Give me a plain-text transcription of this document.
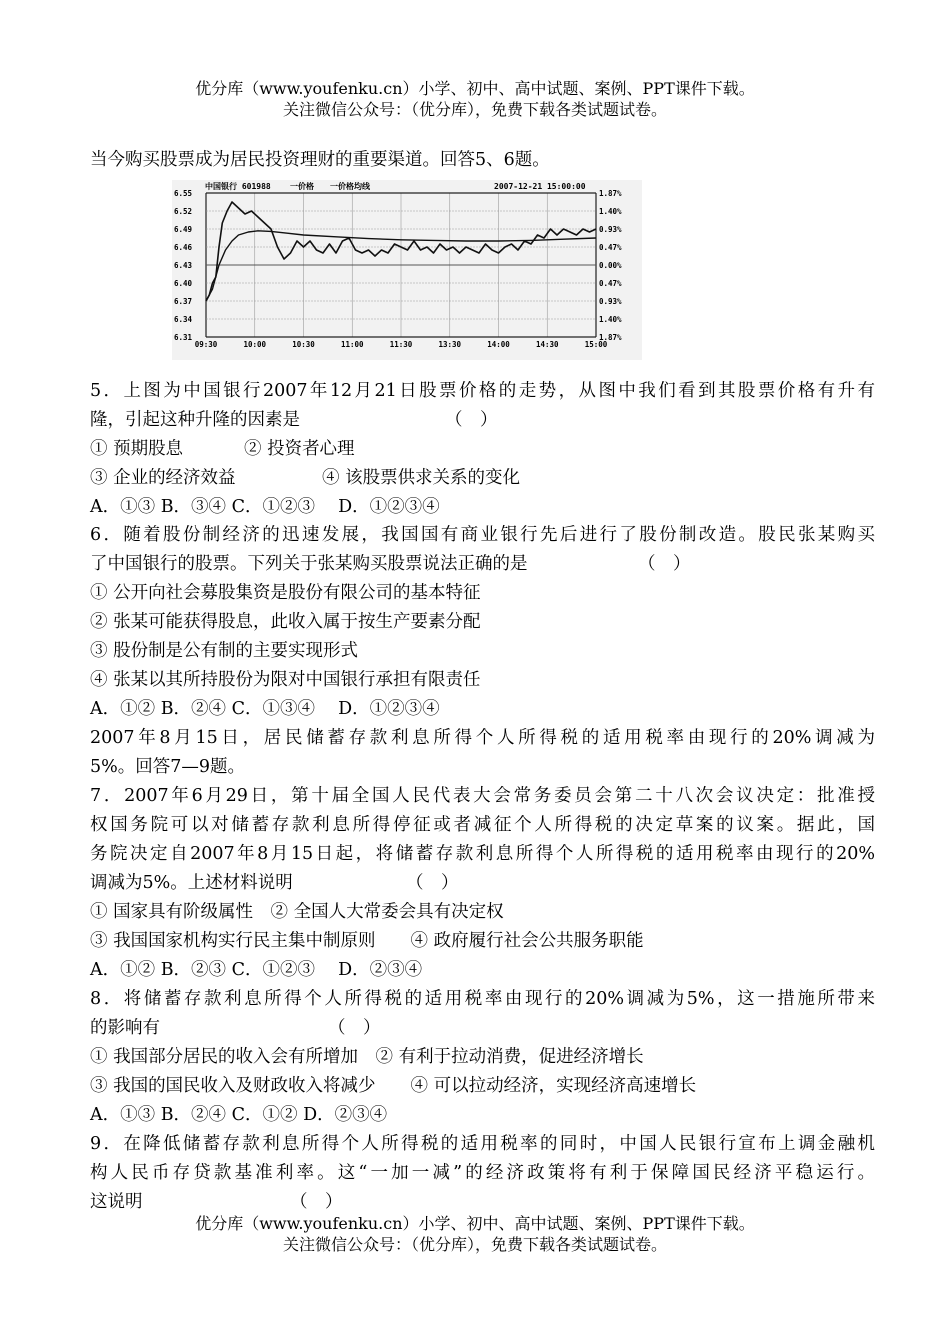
优分库（www.youfenku.cn）小学、初中、高中试题、案例、PPT课件下载。
关注微信公众号：（优分库），免费下载各类试题试卷。
当今购买股票成为居民投资理财的重要渠道。回答5、6题。
6.55
6.52
6.49
6.46
6.43
6.40
6.37
6.34
6.31
1.87%
1.40%
0.93%
0.47%
0.00%
0.47%
0.93%
1.40%
1.87%
09:30	10:00	10:30	11:00	11:30	13:30	14:00	14:30	15:00
中国银行 601988 一价格 一价格均线	2007-12-21 15:00:00
5．上图为中国银行2007年12月21日股票价格的走势，从图中我们看到其股票价格有升有
隆，引起这种升隆的因素是	（　）
① 预期股息	② 投资者心理
③ 企业的经济效益	④ 该股票供求关系的变化
A．①③ B．③④ C．①②③　 D．①②③④
6．随着股份制经济的迅速发展，我国国有商业银行先后进行了股份制改造。股民张某购买
了中国银行的股票。下列关于张某购买股票说法正确的是	（　）
① 公开向社会募股集资是股份有限公司的基本特征
② 张某可能获得股息，此收入属于按生产要素分配
③ 股份制是公有制的主要实现形式
④ 张某以其所持股份为限对中国银行承担有限责任
A．①② B．②④ C．①③④　 D．①②③④
2007年8月15日，居民储蓄存款利息所得个人所得税的适用税率由现行的20%调减为
5%。回答7—9题。
7．2007年6月29日，第十届全国人民代表大会常务委员会第二十八次会议决定：批准授
权国务院可以对储蓄存款利息所得停征或者减征个人所得税的决定草案的议案。据此，国
务院决定自2007年8月15日起，将储蓄存款利息所得个人所得税的适用税率由现行的20%
调减为5%。上述材料说明	（　）
① 国家具有阶级属性　② 全国人大常委会具有决定权
③ 我国国家机构实行民主集中制原则　　④ 政府履行社会公共服务职能
A．①② B．②③ C．①②③　 D．②③④
8．将储蓄存款利息所得个人所得税的适用税率由现行的20%调减为5%，这一措施所带来
的影响有	（　）
① 我国部分居民的收入会有所增加　② 有利于拉动消费，促进经济增长
③ 我国的国民收入及财政收入将减少　　④ 可以拉动经济，实现经济高速增长
A．①③ B．②④ C．①② D．②③④
9．在降低储蓄存款利息所得个人所得税的适用税率的同时，中国人民银行宣布上调金融机
构人民币存贷款基准利率。这“一加一减”的经济政策将有利于保障国民经济平稳运行。
这说明	（　）
优分库（www.youfenku.cn）小学、初中、高中试题、案例、PPT课件下载。
关注微信公众号：（优分库），免费下载各类试题试卷。
